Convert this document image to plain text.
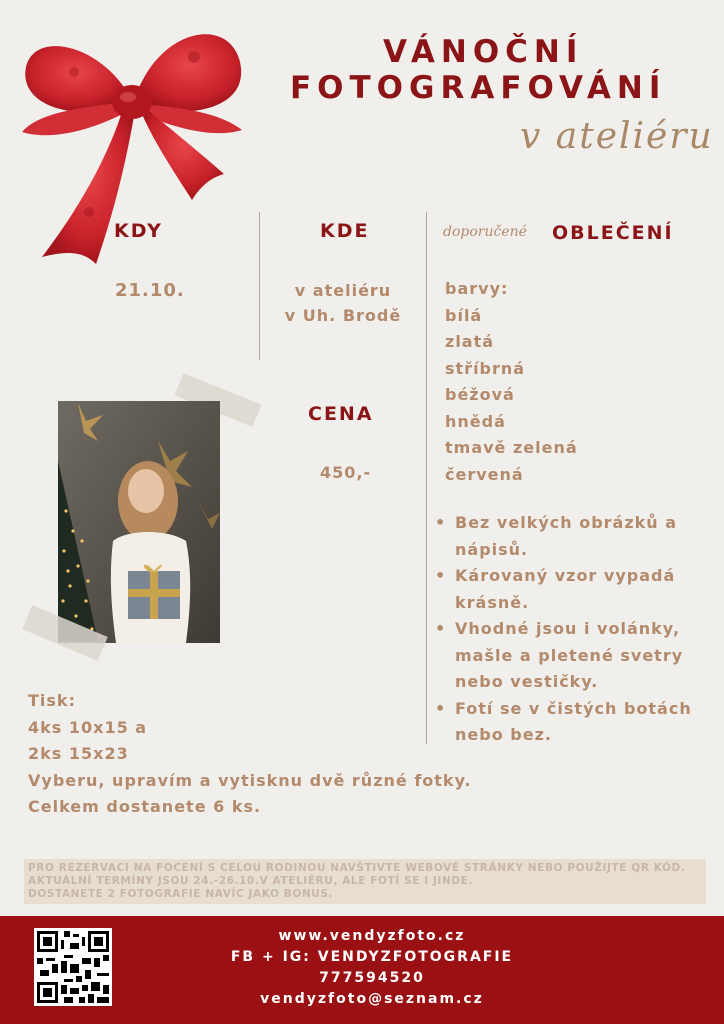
VÁNOČNÍ
FOTOGRAFOVÁNÍ
v ateliéru
KDY
21.10.
KDE
v ateliéru
v Uh. Brodě
CENA
450,-
doporučené OBLEČENÍ
barvy:
bílá
zlatá
stříbrná
béžová
hnědá
tmavě zelená
červená
• Bez velkých obrázků a
nápisů.
• Károvaný vzor vypadá
krásně.
• Vhodné jsou i volánky,
mašle a pletené svetry
nebo vestičky.
• Fotí se v čistých botách
nebo bez.
Tisk:
4ks 10x15 a
2ks 15x23
Vyberu, upravím a vytisknu dvě různé fotky.
Celkem dostanete 6 ks.
PRO REZERVACI NA FOCENÍ S CELOU RODINOU NAVŠTIVTE WEBOVÉ STRÁNKY NEBO POUŽIJTE QR KÓD.
AKTUÁLNÍ TERMÍNY JSOU 24.-26.10.V ATELIÉRU, ALE FOTÍ SE I JINDE.
DOSTANETE 2 FOTOGRAFIE NAVÍC JAKO BONUS.
www.vendyzfoto.cz
FB + IG: VENDYZFOTOGRAFIE
777594520
vendyzfoto@seznam.cz
